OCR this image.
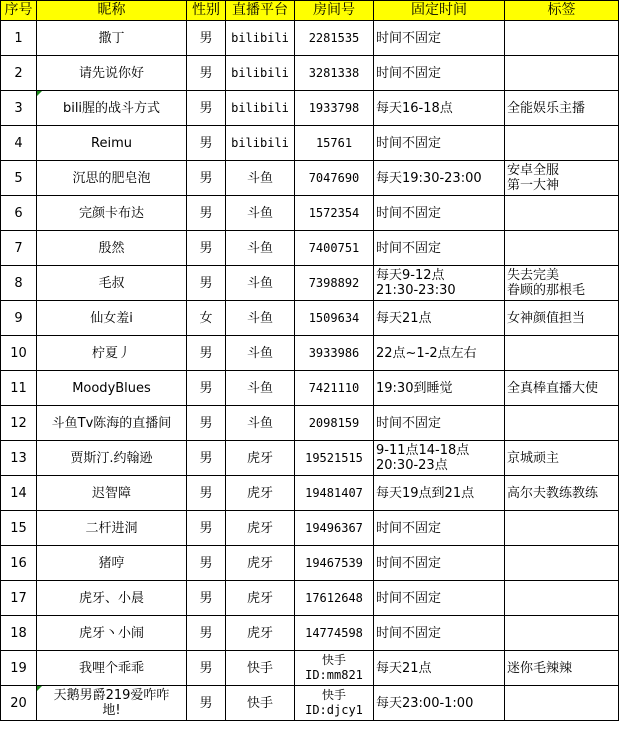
序号	昵称	性别	直播平台	房间号	固定时间	标签
1	撒丁	男	bilibili	2281535	时间不固定	
2	请先说你好	男	bilibili	3281338	时间不固定	
3	bili腥的战斗方式	男	bilibili	1933798	每天16-18点	全能娱乐主播
4	Reimu	男	bilibili	15761	时间不固定	
5	沉思的肥皂泡	男	斗鱼	7047690	每天19:30-23:00	安卓全服
第一大神
6	完颜卡布达	男	斗鱼	1572354	时间不固定	
7	殷然	男	斗鱼	7400751	时间不固定	
8	毛叔	男	斗鱼	7398892	每天9-12点
21:30-23:30	失去完美
眷顾的那根毛
9	仙女羞i	女	斗鱼	1509634	每天21点	女神颜值担当
10	柠夏丿	男	斗鱼	3933986	22点~1-2点左右	
11	MoodyBlues	男	斗鱼	7421110	19:30到睡觉	全真棒直播大使
12	斗鱼Tv陈海的直播间	男	斗鱼	2098159	时间不固定	
13	贾斯汀.约翰逊	男	虎牙	19521515	9-11点14-18点
20:30-23点	京城顽主
14	迟智障	男	虎牙	19481407	每天19点到21点	高尔夫教练教练
15	二杆进洞	男	虎牙	19496367	时间不固定	
16	猪哼	男	虎牙	19467539	时间不固定	
17	虎牙、小晨	男	虎牙	17612648	时间不固定	
18	虎牙丶小闹	男	虎牙	14774598	时间不固定	
19	我哩个乖乖	男	快手	快手
ID:mm821	每天21点	迷你毛辣辣
20	天鹅男爵219爱咋咋
地!	男	快手	快手
ID:djcy1	每天23:00-1:00	
